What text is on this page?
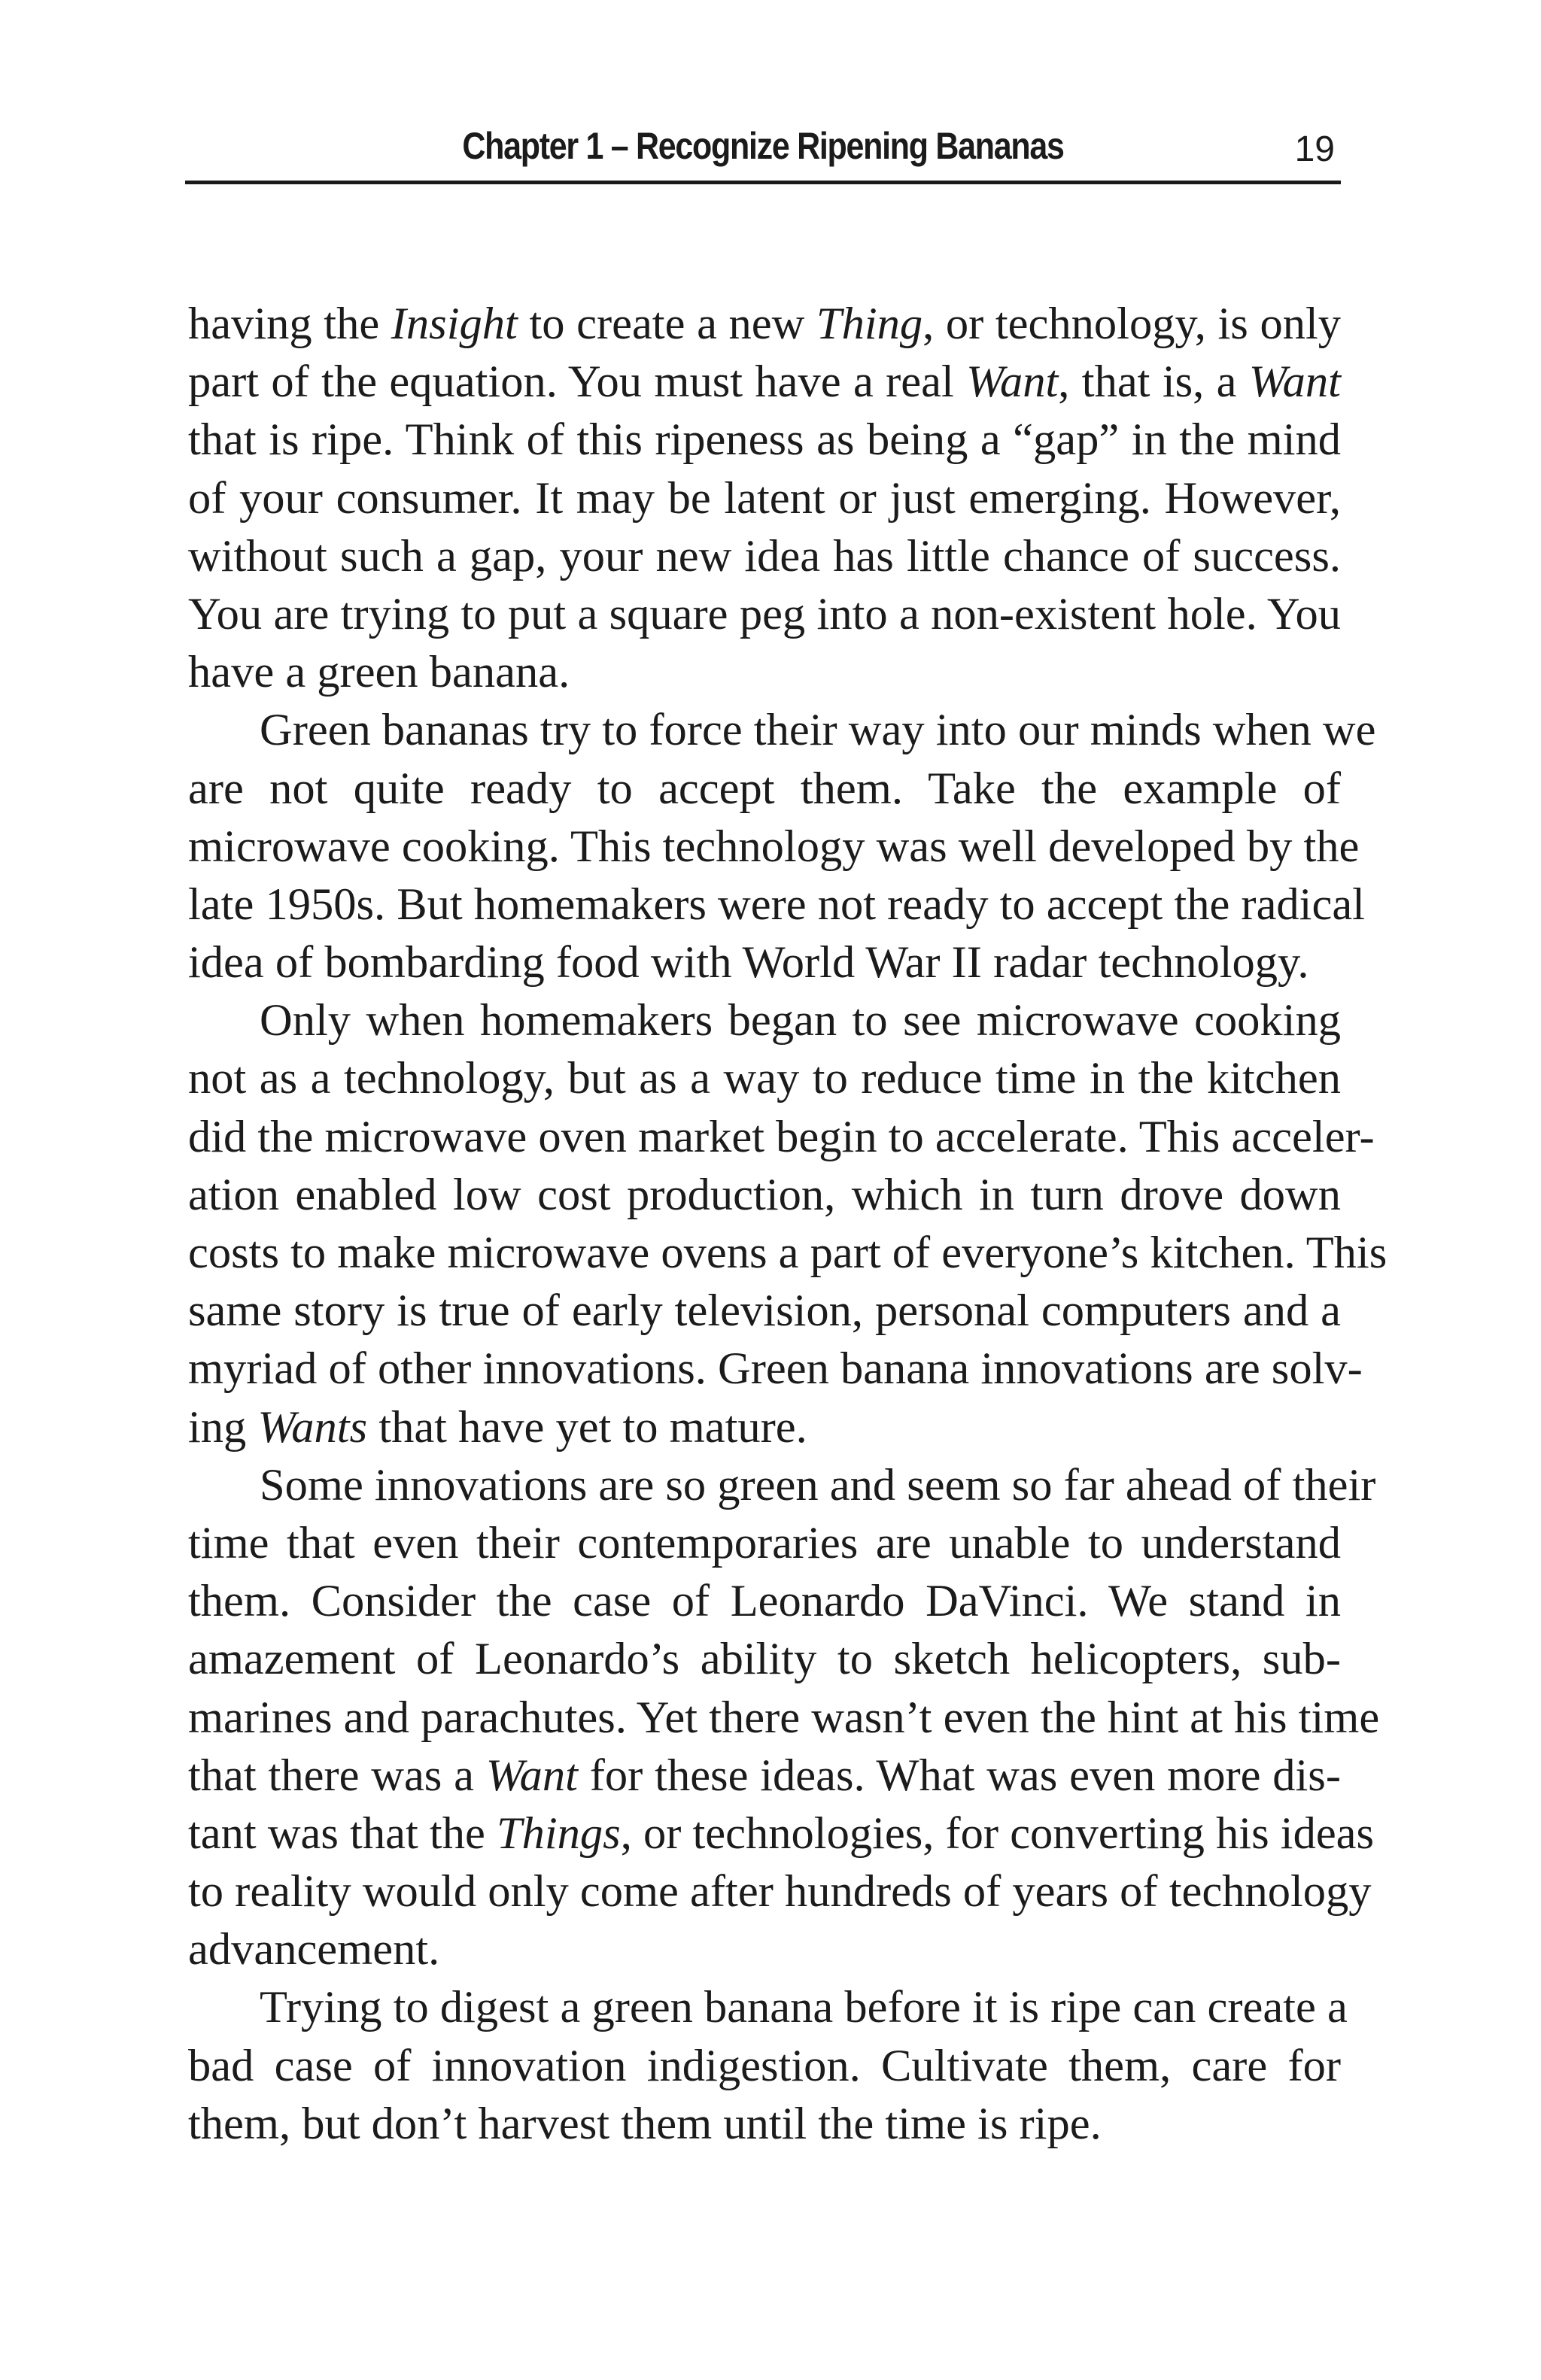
Chapter 1 – Recognize Ripening Bananas	19
having the Insight to create a new Thing, or technology, is only
part of the equation. You must have a real Want, that is, a Want
that is ripe. Think of this ripeness as being a “gap” in the mind
of your consumer. It may be latent or just emerging. However,
without such a gap, your new idea has little chance of success.
You are trying to put a square peg into a non-existent hole. You
have a green banana.
Green bananas try to force their way into our minds when we
are not quite ready to accept them. Take the example of
microwave cooking. This technology was well developed by the
late 1950s. But homemakers were not ready to accept the radical
idea of bombarding food with World War II radar technology.
Only when homemakers began to see microwave cooking
not as a technology, but as a way to reduce time in the kitchen
did the microwave oven market begin to accelerate. This acceler-
ation enabled low cost production, which in turn drove down
costs to make microwave ovens a part of everyone’s kitchen. This
same story is true of early television, personal computers and a
myriad of other innovations. Green banana innovations are solv-
ing Wants that have yet to mature.
Some innovations are so green and seem so far ahead of their
time that even their contemporaries are unable to understand
them. Consider the case of Leonardo DaVinci. We stand in
amazement of Leonardo’s ability to sketch helicopters, sub-
marines and parachutes. Yet there wasn’t even the hint at his time
that there was a Want for these ideas. What was even more dis-
tant was that the Things, or technologies, for converting his ideas
to reality would only come after hundreds of years of technology
advancement.
Trying to digest a green banana before it is ripe can create a
bad case of innovation indigestion. Cultivate them, care for
them, but don’t harvest them until the time is ripe.
